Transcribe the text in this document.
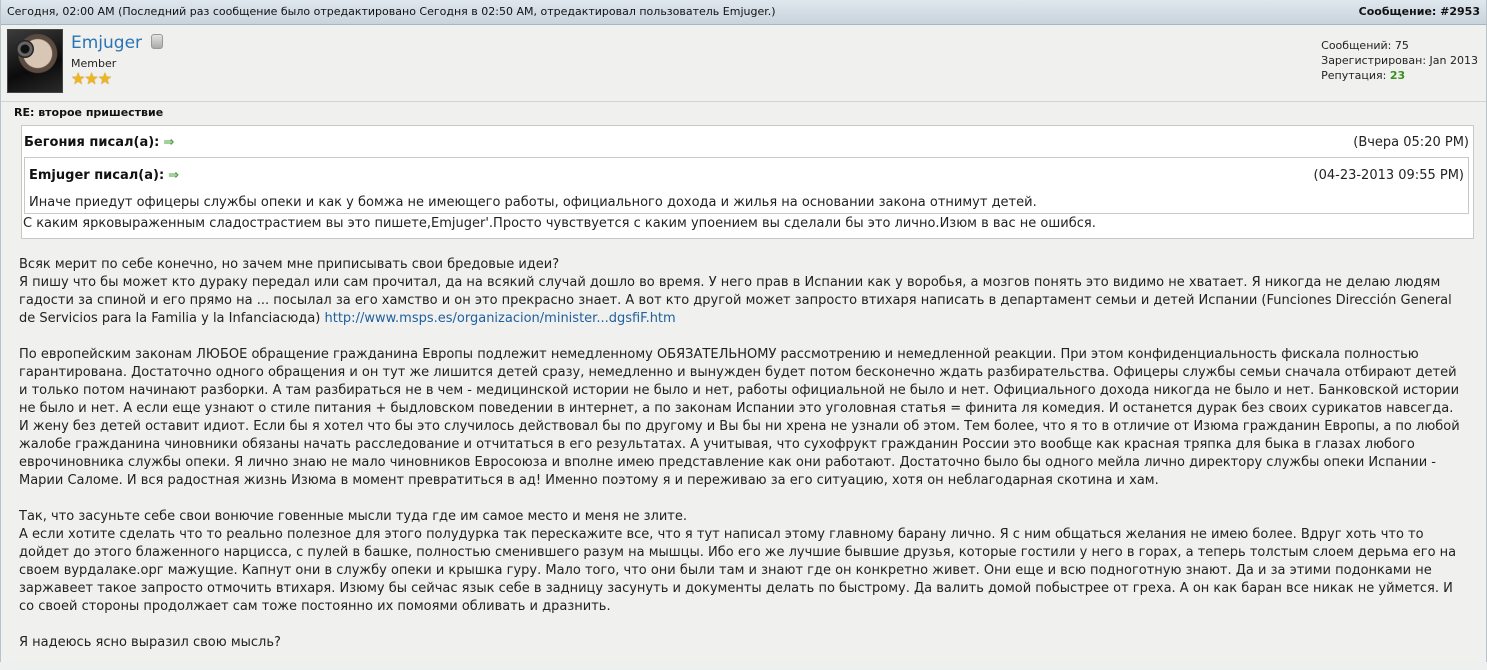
Сегодня, 02:00 AM (Последний раз сообщение было отредактировано Сегодня в 02:50 AM, отредактировал пользователь Emjuger.)	Сообщение: #2953
Emjuger
Member
★★★
Сообщений: 75
Зарегистрирован: Jan 2013
Репутация: 23
RE: второе пришествие
Бегония писал(а): ⇒	(Вчера 05:20 PM)
Emjuger писал(а): ⇒	(04-23-2013 09:55 PM)
Иначе приедут офицеры службы опеки и как у бомжа не имеющего работы, официального дохода и жилья на основании закона отнимут детей.
С каким ярковыраженным сладострастием вы это пишете,Emjuger'.Просто чувствуется с каким упоением вы сделали бы это лично.Изюм в вас не ошибся.

Всяк мерит по себе конечно, но зачем мне приписывать свои бредовые идеи?
Я пишу что бы может кто дураку передал или сам прочитал, да на всякий случай дошло во время. У него прав в Испании как у воробья, а мозгов понять это видимо не хватает. Я никогда не делаю людям гадости за спиной и его прямо на ... посылал за его хамство и он это прекрасно знает. А вот кто другой может запросто втихаря написать в департамент семьи и детей Испании (Funciones Dirección General de Servicios para la Familia y la Infanciaсюда) http://www.msps.es/organizacion/minister...dgsfiF.htm

По европейским законам ЛЮБОЕ обращение гражданина Европы подлежит немедленному ОБЯЗАТЕЛЬНОМУ рассмотрению и немедленной реакции. При этом конфиденциальность фискала полностью гарантирована. Достаточно одного обращения и он тут же лишится детей сразу, немедленно и вынужден будет потом бесконечно ждать разбирательства. Офицеры службы семьи сначала отбирают детей и только потом начинают разборки. А там разбираться не в чем - медицинской истории не было и нет, работы официальной не было и нет. Официального дохода никогда не было и нет. Банковской истории не было и нет. А если еще узнают о стиле питания + быдловском поведении в интернет, а по законам Испании это уголовная статья = финита ля комедия. И останется дурак без своих сурикатов навсегда. И жену без детей оставит идиот. Если бы я хотел что бы это случилось действовал бы по другому и Вы бы ни хрена не узнали об этом. Тем более, что я то в отличие от Изюма гражданин Европы, а по любой жалобе гражданина чиновники обязаны начать расследование и отчитаться в его результатах. А учитывая, что сухофрукт гражданин России это вообще как красная тряпка для быка в глазах любого еврочиновника службы опеки. Я лично знаю не мало чиновников Евросоюза и вполне имею представление как они работают. Достаточно было бы одного мейла лично директору службы опеки Испании - Марии Саломе. И вся радостная жизнь Изюма в момент превратиться в ад! Именно поэтому я и переживаю за его ситуацию, хотя он неблагодарная скотина и хам.

Так, что засуньте себе свои вонючие говенные мысли туда где им самое место и меня не злите.
А если хотите сделать что то реально полезное для этого полудурка так перескажите все, что я тут написал этому главному барану лично. Я с ним общаться желания не имею более. Вдруг хоть что то дойдет до этого блаженного нарцисса, с пулей в башке, полностью сменившего разум на мышцы. Ибо его же лучшие бывшие друзья, которые гостили у него в горах, а теперь толстым слоем дерьма его на своем вурдалаке.орг мажущие. Капнут они в службу опеки и крышка гуру. Мало того, что они были там и знают где он конкретно живет. Они еще и всю подноготную знают. Да и за этими подонками не заржавеет такое запросто отмочить втихаря. Изюму бы сейчас язык себе в задницу засунуть и документы делать по быстрому. Да валить домой побыстрее от греха. А он как баран все никак не уймется. И со своей стороны продолжает сам тоже постоянно их помоями обливать и дразнить.

Я надеюсь ясно выразил свою мысль?
